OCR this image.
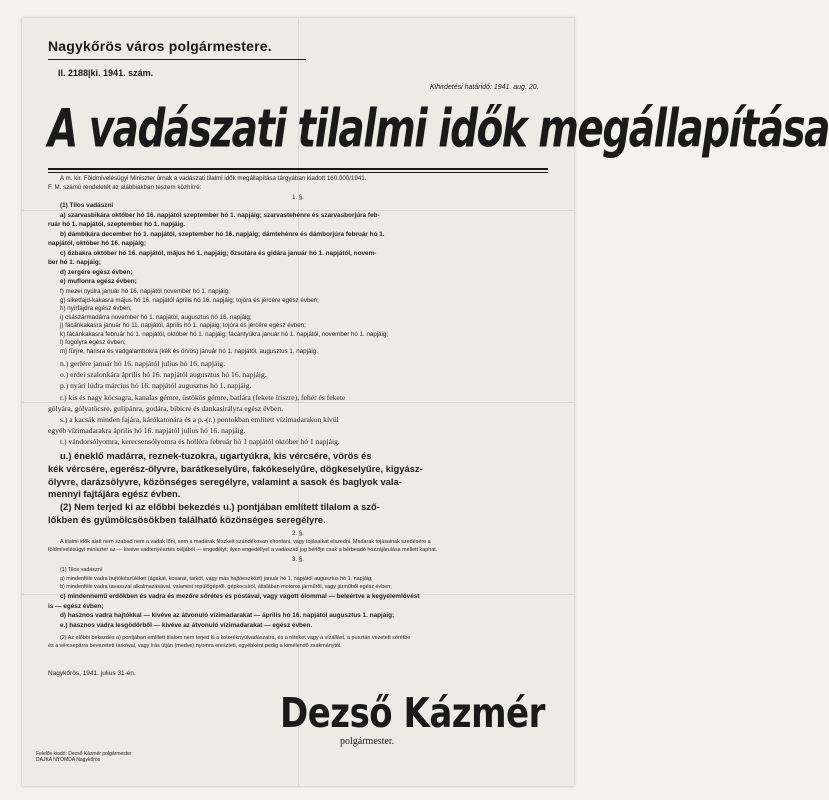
Nagykőrös város polgármestere.
II. 2188|ki. 1941. szám.
Kihirdetési határidő: 1941. aug. 20.
A vadászati tilalmi idők megállapítása
A m. kir. Földmívelésügyi Miniszter úrnak a vadászati tilalmi idők megállapítása tárgyában kiadott 160.000/1941.
F. M. számú rendeletét az alábbiakban teszem közhírré:
1. §.
(1) Tilos vadászni
a) szarvasbikára október hó 16. napjától szeptember hó 1. napjáig; szarvastehénre és szarvasborjúra feb-
ruár hó 1. napjától, szeptember hó 1. napjáig.
b) dámbikára december hó 1. napjától, szeptember hó 16. napjáig; dámtehénre és dámborjúra február hó 1.
napjától, október hó 16. napjáig;
c) őzbakra október hó 16. napjától, május hó 1. napjáig; őzsutára és gidára január hó 1. napjától, novem-
ber hó 1. napjáig;
d) zergére egész évben;
e) muflonra egész évben;
f) mezei nyúlra január hó 16. napjától november hó 1. napjáig;
g) siketfajd-kakasra május hó 16. napjától április hó 16. napjáig; tojóra és jércére egész évben;
h) nyírfajdra egész évben;
i) császármadárra november hó 1. napjától, augusztus hó 16. napjáig;
j) fácánkakasra január hó 11. napjától, április hó 1. napjáig; tojóra és jércére egész évben;
k) fácánkakasra február hó 1. napjától, október hó 1. napjáig; fácántyúkra január hó 1. napjától, november hó 1. napjáig;
l) fogolyra egész évben;
m) fürjre, harisra és vadgalambokra (kék és örvös) január hó 1. napjától, augusztus 1. napjáig.
n.) gerlére január hó 16. napjától julius hó 16. napjáig.
o.) erdei szalonkára április hó 16. napjától augusztus hó 16. napjáig.
p.) nyári lúdra március hó 16. napjától augusztus hó 1. napjáig.
r.) kis és nagy kócsagra, kanalas gémre, üstökös gémre, batlára (fekete íriszre), fehér és fekete
gólyára, gólyatöcsre, gulipánra, godára, bibicre és dankasirályra egész évben.
s.) a kacsák minden fajára, kárókatonára és a p.-(r.) pontokban említett vízimadarakon kívül
egyéb vízimadarakra április hó 16. napjától julius hó 16. napjáig.
t.) vándorsólyomra, kerecsensólyomra és hollóra február hó 1 napjától október hó 1 napjáig.
u.) éneklő madárra, reznek-tuzokra, ugartyúkra, kis vércsére, vörös és
kék vércsére, egerész-ölyvre, barátkeselyűre, fakókeselyűre, dögkeselyűre, kigyász-
ölyvre, darázsölyvre, közönséges seregélyre, valamint a sasok és baglyok vala-
mennyi fajtájára egész évben.
(2) Nem terjed ki az előbbi bekezdés u.) pontjában említett tilalom a sző-
lőkben és gyümölcsösökben található közönséges seregélyre.
2. §.
A tilalmi idők alatt nem szabad nem a vadak lőni, sem a madárak fészkeit szándékosan elrontani, vagy tojásaikat elszedni. Madarak tojásainak szedésére a
földmívelésügyi miniszter az — kivéve vadtenyésztés céljából — engedélyt; ilyen engedéllyel a vadászati jog bérlője csak a bérbeadó hozzájárulása mellett kaphat.
3. §.
(1) Tilos vadászni
a) mindenféle vadra bujtókészüléket (ágakat, kosarat, tarkót, vagy más hajtóeszközt) január hó 1. napjától augusztus hó 1. napjáig;
b) mindenféle vadra tavasszal alkalmazásával, valamint repülőgépről, gépkocsiról, általában motoros járműről, vagy járműből egész évben;
c) mindennemű erdőkben és vadra és mezőre sőrétes és póstával, vagy vágott ólommal — beleértve a kegyelemlövést
is — egész évben;
d) hasznos vadra hajtókkal — kivéve az átvonuló vízimadarakat — április hó 16. napjától augusztus 1. napjáig;
e.) hasznos vadra lesgödörből — kivéve az átvonuló vízimadarakat — egész évben.
(2) Az előbbi bekezdés a) pontjában említett tilalom nem terjed ki a kotoréknyúlvadászatra, és a réteket vagy a vízállást, a pusztán vezetett sörétbe
és a vércsepárra bevezetett tarkóval, vagy írás útján (medve) nyomra ereszteti, egyébként pedig a kimélendő zsákmánytól.
Nagykőrös, 1941. julius 31-én.
Dezső Kázmér
polgármester.
Felelős kiadó: Dezső Kázmér polgármester
DAJKA NYOMDA Nagykőrös
